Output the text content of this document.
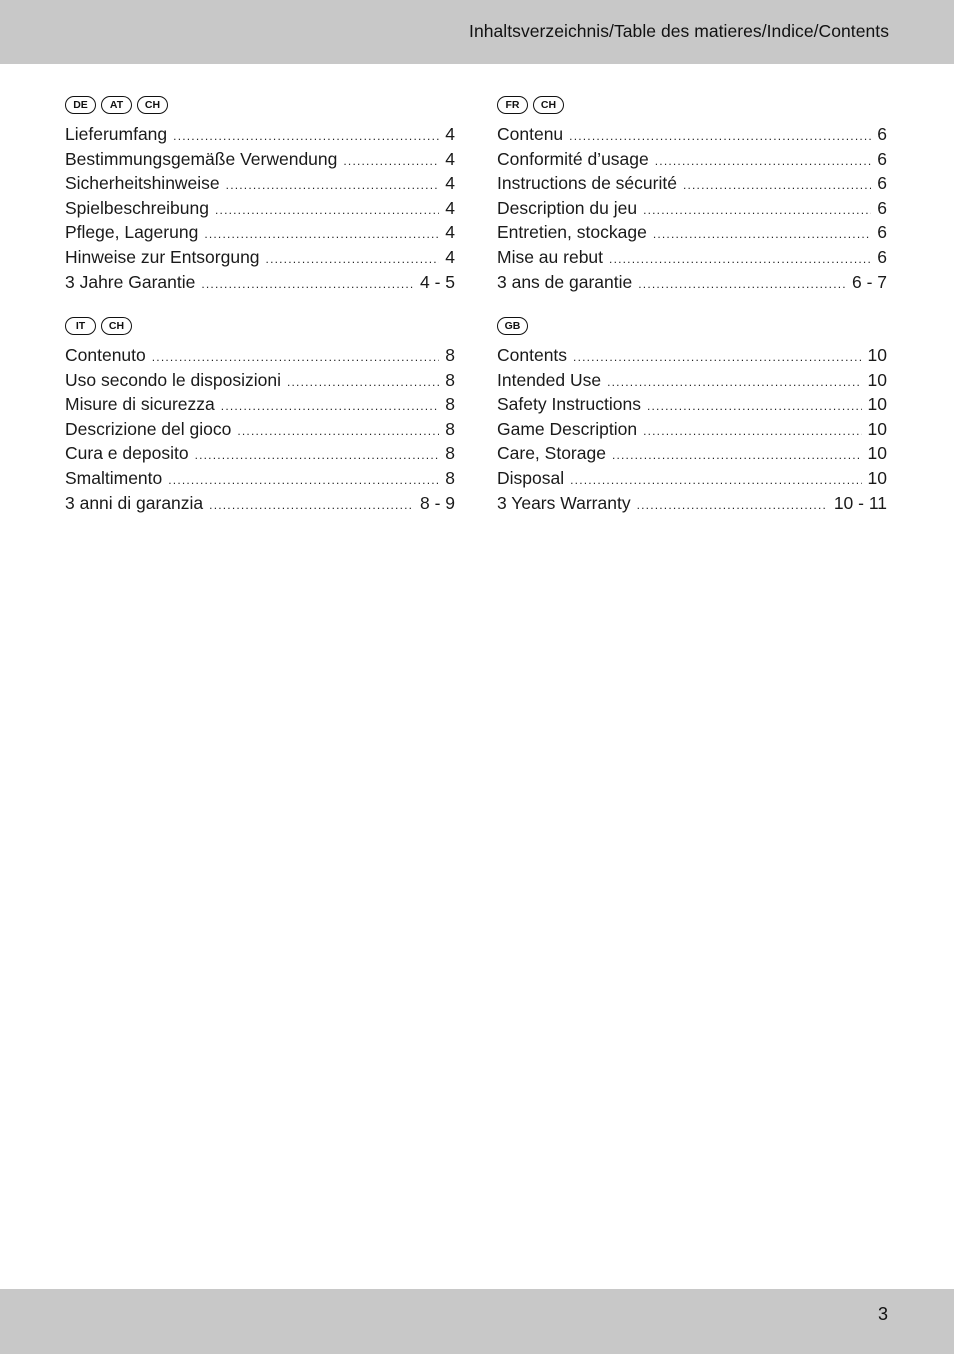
Inhaltsverzeichnis/Table des matieres/Indice/Contents
DE	AT	CH
Lieferumfang .....	4
Bestimmungsgemäße Verwendung .....	4
Sicherheitshinweise .....	4
Spielbeschreibung .....	4
Pflege, Lagerung .....	4
Hinweise zur Entsorgung .....	4
3 Jahre Garantie .....	4 - 5
FR	CH
Contenu .....	6
Conformité d’usage .....	6
Instructions de sécurité .....	6
Description du jeu .....	6
Entretien, stockage .....	6
Mise au rebut .....	6
3 ans de garantie .....	6 - 7
IT	CH
Contenuto .....	8
Uso secondo le disposizioni .....	8
Misure di sicurezza .....	8
Descrizione del gioco .....	8
Cura e deposito .....	8
Smaltimento .....	8
3 anni di garanzia .....	8 - 9
GB
Contents .....	10
Intended Use .....	10
Safety Instructions .....	10
Game Description .....	10
Care, Storage .....	10
Disposal .....	10
3 Years Warranty .....	10 - 11
3
